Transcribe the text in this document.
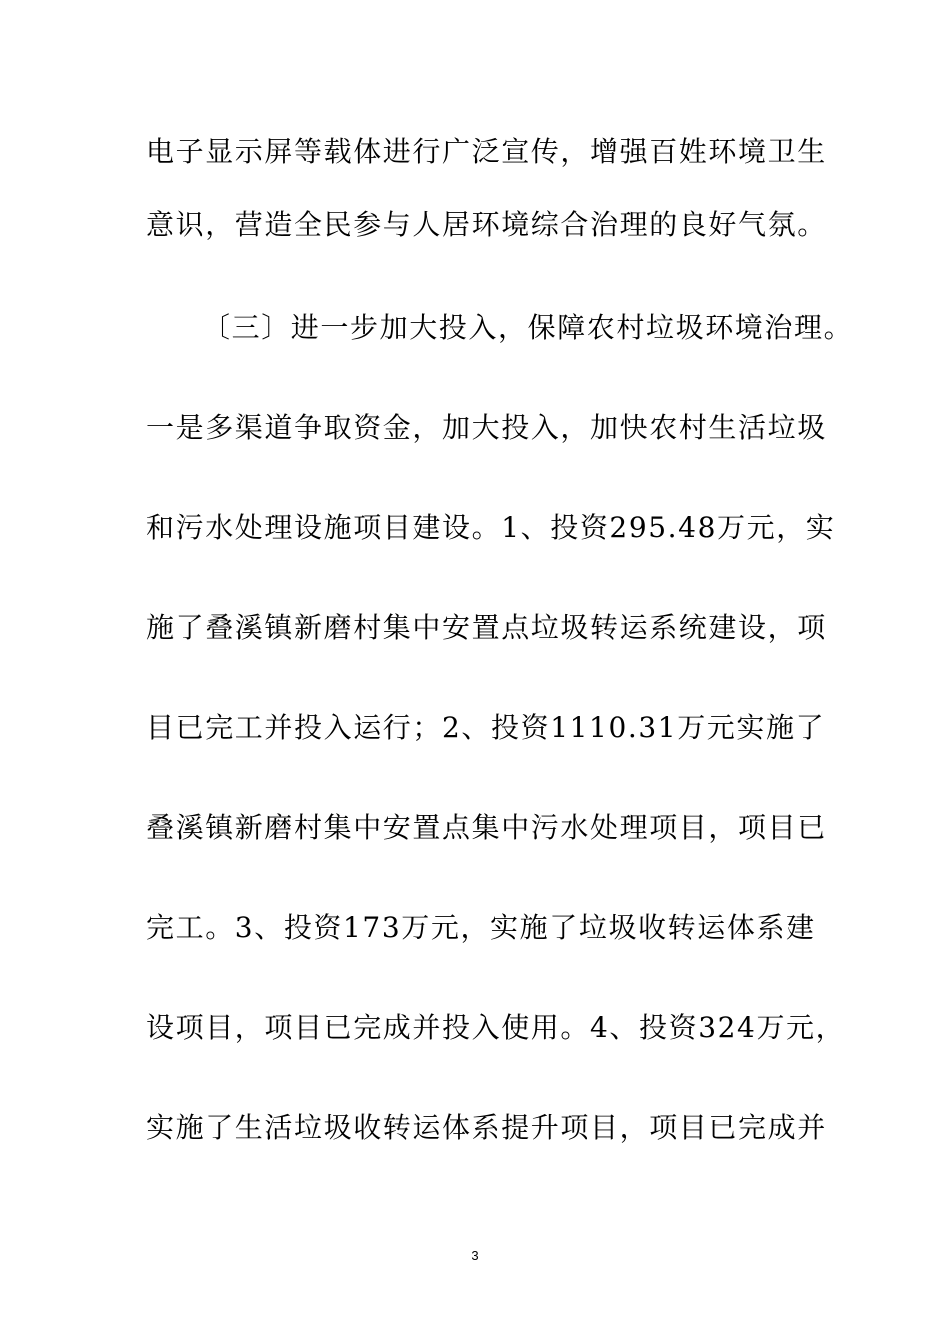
电子显示屏等载体进行广泛宣传，增强百姓环境卫生
意识，营造全民参与人居环境综合治理的良好气氛。
〔三〕进一步加大投入，保障农村垃圾环境治理。
一是多渠道争取资金，加大投入，加快农村生活垃圾
和污水处理设施项目建设。1、投资295.48万元，实
施了叠溪镇新磨村集中安置点垃圾转运系统建设，项
目已完工并投入运行；2、投资1110.31万元实施了
叠溪镇新磨村集中安置点集中污水处理项目，项目已
完工。3、投资173万元，实施了垃圾收转运体系建
设项目，项目已完成并投入使用。4、投资324万元，
实施了生活垃圾收转运体系提升项目，项目已完成并
3
